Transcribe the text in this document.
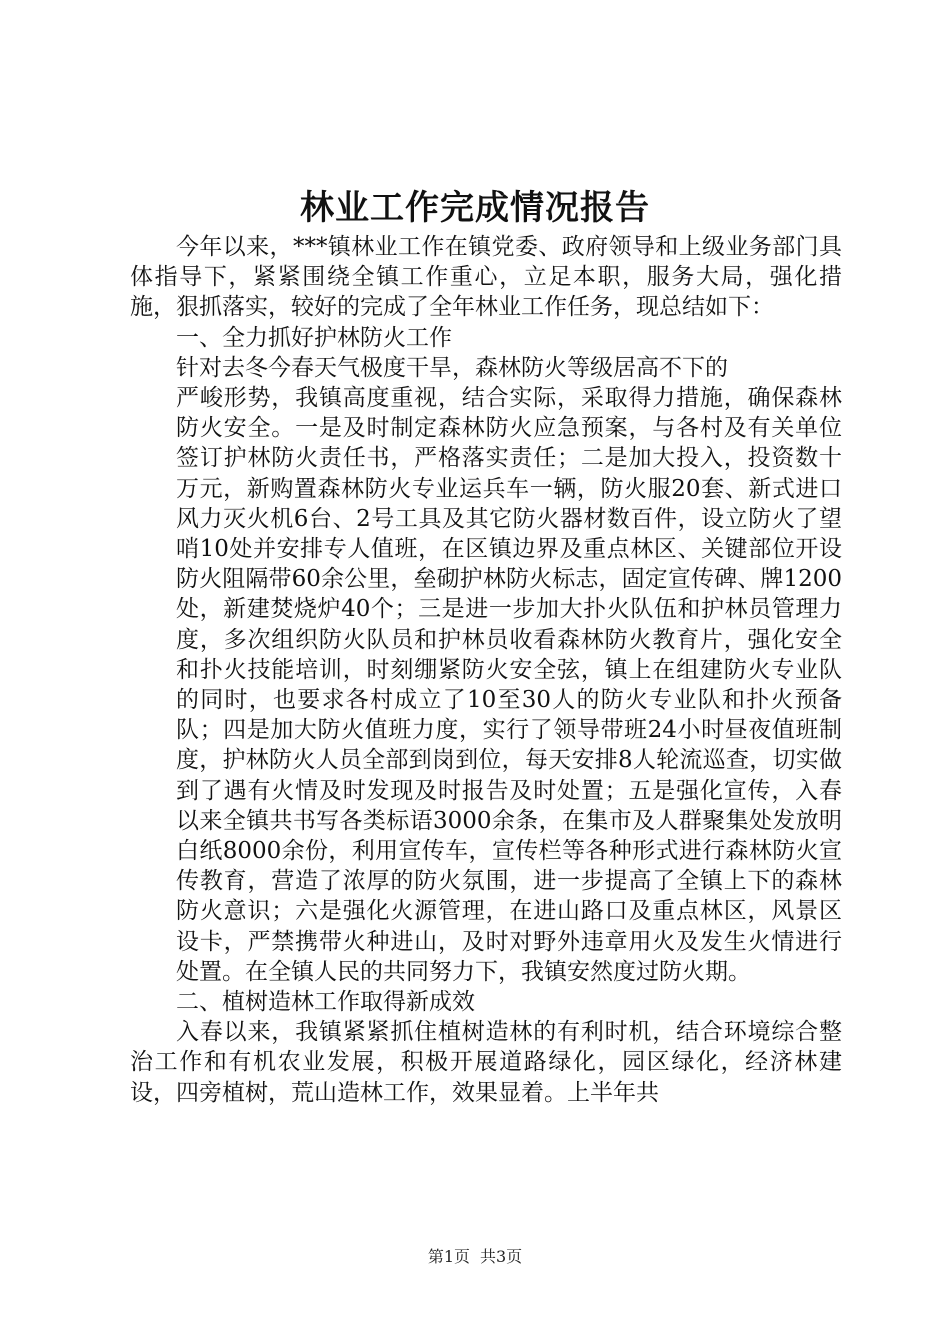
林业工作完成情况报告

今年以来，***镇林业工作在镇党委、政府领导和上级业务部门具体指导下，紧紧围绕全镇工作重心，立足本职，服务大局，强化措施，狠抓落实，较好的完成了全年林业工作任务，现总结如下：

一、全力抓好护林防火工作

针对去冬今春天气极度干旱，森林防火等级居高不下的

严峻形势，我镇高度重视，结合实际，采取得力措施，确保森林防火安全。一是及时制定森林防火应急预案，与各村及有关单位签订护林防火责任书，严格落实责任；二是加大投入，投资数十万元，新购置森林防火专业运兵车一辆，防火服20套、新式进口风力灭火机6台、2号工具及其它防火器材数百件，设立防火了望哨10处并安排专人值班，在区镇边界及重点林区、关键部位开设防火阻隔带60余公里，垒砌护林防火标志，固定宣传碑、牌1200处，新建焚烧炉40个；三是进一步加大扑火队伍和护林员管理力度，多次组织防火队员和护林员收看森林防火教育片，强化安全和扑火技能培训，时刻绷紧防火安全弦，镇上在组建防火专业队的同时，也要求各村成立了10至30人的防火专业队和扑火预备队；四是加大防火值班力度，实行了领导带班24小时昼夜值班制度，护林防火人员全部到岗到位，每天安排8人轮流巡查，切实做到了遇有火情及时发现及时报告及时处置；五是强化宣传，入春以来全镇共书写各类标语3000余条，在集市及人群聚集处发放明白纸8000余份，利用宣传车，宣传栏等各种形式进行森林防火宣传教育，营造了浓厚的防火氛围，进一步提高了全镇上下的森林防火意识；六是强化火源管理，在进山路口及重点林区，风景区设卡，严禁携带火种进山，及时对野外违章用火及发生火情进行处置。在全镇人民的共同努力下，我镇安然度过防火期。

二、植树造林工作取得新成效

入春以来，我镇紧紧抓住植树造林的有利时机，结合环境综合整治工作和有机农业发展，积极开展道路绿化，园区绿化，经济林建设，四旁植树，荒山造林工作，效果显着。上半年共

第1页 共3页
